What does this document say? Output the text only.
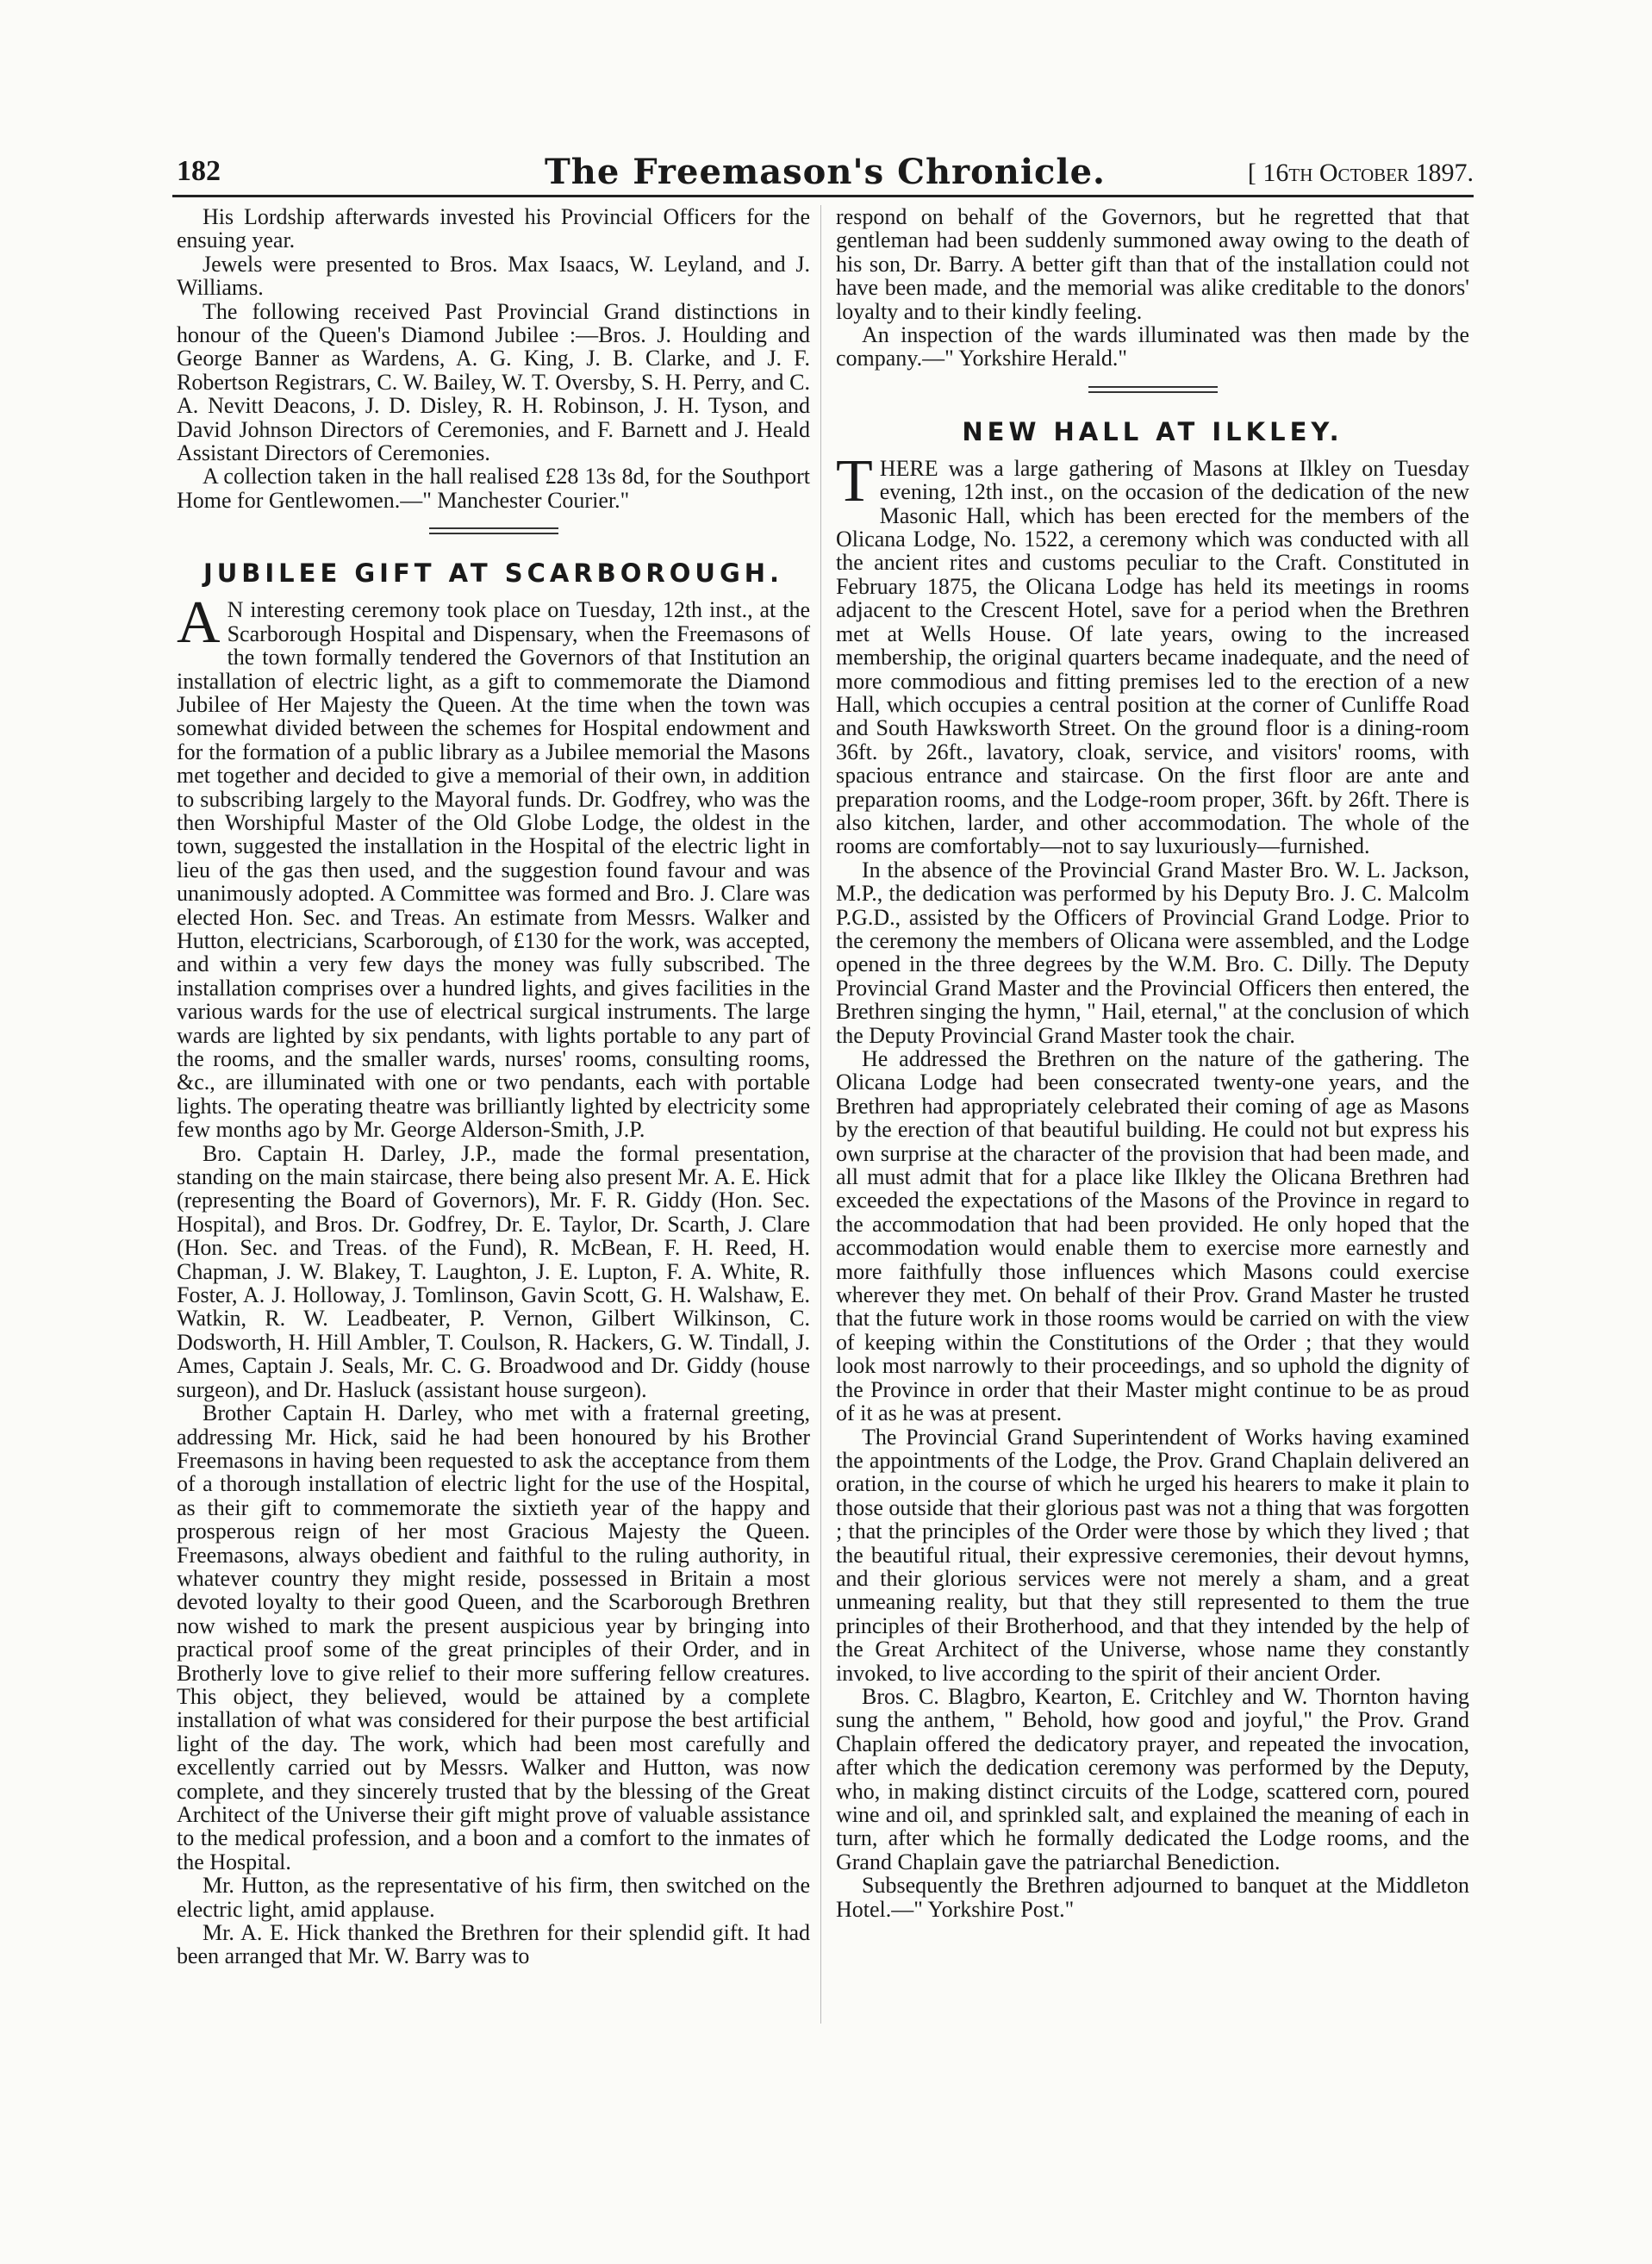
182	The Freemason's Chronicle.	[ 16th October 1897.

His Lordship afterwards invested his Provincial Officers for the ensuing year.

Jewels were presented to Bros. Max Isaacs, W. Leyland, and J. Williams.

The following received Past Provincial Grand distinctions in honour of the Queen's Diamond Jubilee :—Bros. J. Houlding and George Banner as Wardens, A. G. King, J. B. Clarke, and J. F. Robertson Registrars, C. W. Bailey, W. T. Oversby, S. H. Perry, and C. A. Nevitt Deacons, J. D. Disley, R. H. Robinson, J. H. Tyson, and David Johnson Directors of Ceremonies, and F. Barnett and J. Heald Assistant Directors of Ceremonies.

A collection taken in the hall realised £28 13s 8d, for the Southport Home for Gentlewomen.—" Manchester Courier."

JUBILEE GIFT AT SCARBOROUGH.

A N interesting ceremony took place on Tuesday, 12th inst., at the Scarborough Hospital and Dispensary, when the Freemasons of the town formally tendered the Governors of that Institution an installation of electric light, as a gift to commemorate the Diamond Jubilee of Her Majesty the Queen. At the time when the town was somewhat divided between the schemes for Hospital endowment and for the formation of a public library as a Jubilee memorial the Masons met together and decided to give a memorial of their own, in addition to subscribing largely to the Mayoral funds. Dr. Godfrey, who was the then Worshipful Master of the Old Globe Lodge, the oldest in the town, suggested the installation in the Hospital of the electric light in lieu of the gas then used, and the suggestion found favour and was unanimously adopted. A Committee was formed and Bro. J. Clare was elected Hon. Sec. and Treas. An estimate from Messrs. Walker and Hutton, electricians, Scarborough, of £130 for the work, was accepted, and within a very few days the money was fully subscribed. The installation comprises over a hundred lights, and gives facilities in the various wards for the use of electrical surgical instruments. The large wards are lighted by six pendants, with lights portable to any part of the rooms, and the smaller wards, nurses' rooms, consulting rooms, &c., are illuminated with one or two pendants, each with portable lights. The operating theatre was brilliantly lighted by electricity some few months ago by Mr. George Alderson-Smith, J.P.

Bro. Captain H. Darley, J.P., made the formal presentation, standing on the main staircase, there being also present Mr. A. E. Hick (representing the Board of Governors), Mr. F. R. Giddy (Hon. Sec. Hospital), and Bros. Dr. Godfrey, Dr. E. Taylor, Dr. Scarth, J. Clare (Hon. Sec. and Treas. of the Fund), R. McBean, F. H. Reed, H. Chapman, J. W. Blakey, T. Laughton, J. E. Lupton, F. A. White, R. Foster, A. J. Holloway, J. Tomlinson, Gavin Scott, G. H. Walshaw, E. Watkin, R. W. Leadbeater, P. Vernon, Gilbert Wilkinson, C. Dodsworth, H. Hill Ambler, T. Coulson, R. Hackers, G. W. Tindall, J. Ames, Captain J. Seals, Mr. C. G. Broadwood and Dr. Giddy (house surgeon), and Dr. Hasluck (assistant house surgeon).

Brother Captain H. Darley, who met with a fraternal greeting, addressing Mr. Hick, said he had been honoured by his Brother Freemasons in having been requested to ask the acceptance from them of a thorough installation of electric light for the use of the Hospital, as their gift to commemorate the sixtieth year of the happy and prosperous reign of her most Gracious Majesty the Queen. Freemasons, always obedient and faithful to the ruling authority, in whatever country they might reside, possessed in Britain a most devoted loyalty to their good Queen, and the Scarborough Brethren now wished to mark the present auspicious year by bringing into practical proof some of the great principles of their Order, and in Brotherly love to give relief to their more suffering fellow creatures. This object, they believed, would be attained by a complete installation of what was considered for their purpose the best artificial light of the day. The work, which had been most carefully and excellently carried out by Messrs. Walker and Hutton, was now complete, and they sincerely trusted that by the blessing of the Great Architect of the Universe their gift might prove of valuable assistance to the medical profession, and a boon and a comfort to the inmates of the Hospital.

Mr. Hutton, as the representative of his firm, then switched on the electric light, amid applause.

Mr. A. E. Hick thanked the Brethren for their splendid gift. It had been arranged that Mr. W. Barry was to

respond on behalf of the Governors, but he regretted that that gentleman had been suddenly summoned away owing to the death of his son, Dr. Barry. A better gift than that of the installation could not have been made, and the memorial was alike creditable to the donors' loyalty and to their kindly feeling.

An inspection of the wards illuminated was then made by the company.—" Yorkshire Herald."

NEW HALL AT ILKLEY.

THERE was a large gathering of Masons at Ilkley on Tuesday evening, 12th inst., on the occasion of the dedication of the new Masonic Hall, which has been erected for the members of the Olicana Lodge, No. 1522, a ceremony which was conducted with all the ancient rites and customs peculiar to the Craft. Constituted in February 1875, the Olicana Lodge has held its meetings in rooms adjacent to the Crescent Hotel, save for a period when the Brethren met at Wells House. Of late years, owing to the increased membership, the original quarters became inadequate, and the need of more commodious and fitting premises led to the erection of a new Hall, which occupies a central position at the corner of Cunliffe Road and South Hawksworth Street. On the ground floor is a dining-room 36ft. by 26ft., lavatory, cloak, service, and visitors' rooms, with spacious entrance and staircase. On the first floor are ante and preparation rooms, and the Lodge-room proper, 36ft. by 26ft. There is also kitchen, larder, and other accommodation. The whole of the rooms are comfortably—not to say luxuriously—furnished.

In the absence of the Provincial Grand Master Bro. W. L. Jackson, M.P., the dedication was performed by his Deputy Bro. J. C. Malcolm P.G.D., assisted by the Officers of Provincial Grand Lodge. Prior to the ceremony the members of Olicana were assembled, and the Lodge opened in the three degrees by the W.M. Bro. C. Dilly. The Deputy Provincial Grand Master and the Provincial Officers then entered, the Brethren singing the hymn, " Hail, eternal," at the conclusion of which the Deputy Provincial Grand Master took the chair.

He addressed the Brethren on the nature of the gathering. The Olicana Lodge had been consecrated twenty-one years, and the Brethren had appropriately celebrated their coming of age as Masons by the erection of that beautiful building. He could not but express his own surprise at the character of the provision that had been made, and all must admit that for a place like Ilkley the Olicana Brethren had exceeded the expectations of the Masons of the Province in regard to the accommodation that had been provided. He only hoped that the accommodation would enable them to exercise more earnestly and more faithfully those influences which Masons could exercise wherever they met. On behalf of their Prov. Grand Master he trusted that the future work in those rooms would be carried on with the view of keeping within the Constitutions of the Order ; that they would look most narrowly to their proceedings, and so uphold the dignity of the Province in order that their Master might continue to be as proud of it as he was at present.

The Provincial Grand Superintendent of Works having examined the appointments of the Lodge, the Prov. Grand Chaplain delivered an oration, in the course of which he urged his hearers to make it plain to those outside that their glorious past was not a thing that was forgotten ; that the principles of the Order were those by which they lived ; that the beautiful ritual, their expressive ceremonies, their devout hymns, and their glorious services were not merely a sham, and a great unmeaning reality, but that they still represented to them the true principles of their Brotherhood, and that they intended by the help of the Great Architect of the Universe, whose name they constantly invoked, to live according to the spirit of their ancient Order.

Bros. C. Blagbro, Kearton, E. Critchley and W. Thornton having sung the anthem, " Behold, how good and joyful," the Prov. Grand Chaplain offered the dedicatory prayer, and repeated the invocation, after which the dedication ceremony was performed by the Deputy, who, in making distinct circuits of the Lodge, scattered corn, poured wine and oil, and sprinkled salt, and explained the meaning of each in turn, after which he formally dedicated the Lodge rooms, and the Grand Chaplain gave the patriarchal Benediction.

Subsequently the Brethren adjourned to banquet at the Middleton Hotel.—" Yorkshire Post."
